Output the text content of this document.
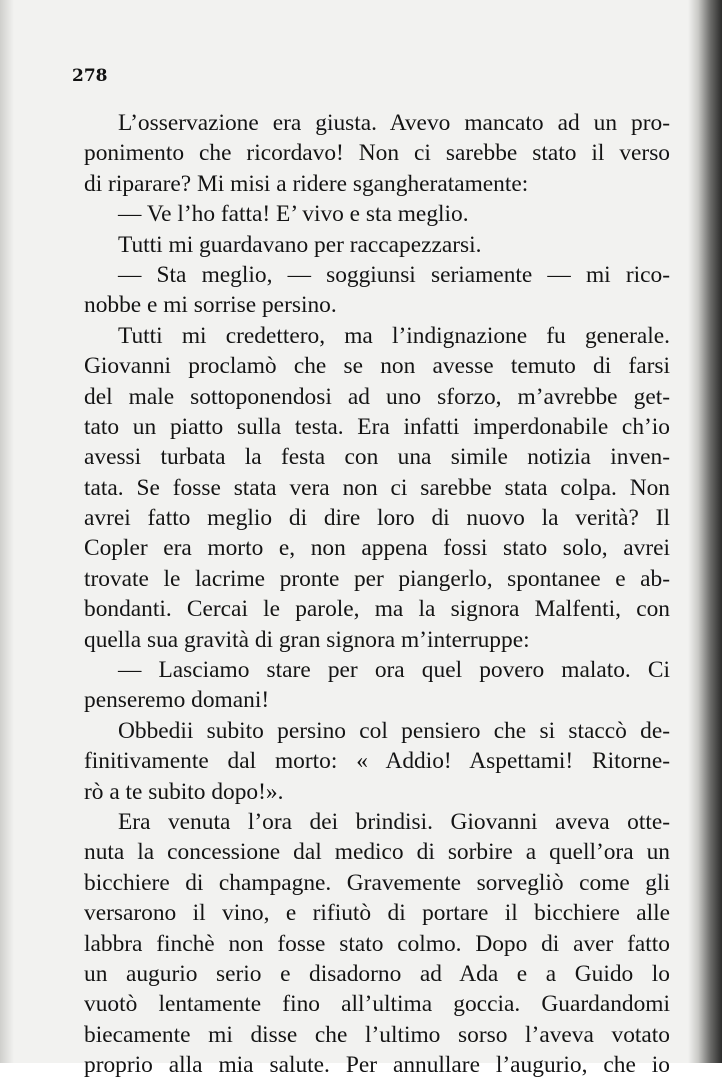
278

L’osservazione era giusta. Avevo mancato ad un pro-
ponimento che ricordavo! Non ci sarebbe stato il verso
di riparare? Mi misi a ridere sgangheratamente:
— Ve l’ho fatta! E’ vivo e sta meglio.
Tutti mi guardavano per raccapezzarsi.
— Sta meglio, — soggiunsi seriamente — mi rico-
nobbe e mi sorrise persino.
Tutti mi credettero, ma l’indignazione fu generale.
Giovanni proclamò che se non avesse temuto di farsi
del male sottoponendosi ad uno sforzo, m’avrebbe get-
tato un piatto sulla testa. Era infatti imperdonabile ch’io
avessi turbata la festa con una simile notizia inven-
tata. Se fosse stata vera non ci sarebbe stata colpa. Non
avrei fatto meglio di dire loro di nuovo la verità? Il
Copler era morto e, non appena fossi stato solo, avrei
trovate le lacrime pronte per piangerlo, spontanee e ab-
bondanti. Cercai le parole, ma la signora Malfenti, con
quella sua gravità di gran signora m’interruppe:
— Lasciamo stare per ora quel povero malato. Ci
penseremo domani!
Obbedii subito persino col pensiero che si staccò de-
finitivamente dal morto: « Addio! Aspettami! Ritorne-
rò a te subito dopo!».
Era venuta l’ora dei brindisi. Giovanni aveva otte-
nuta la concessione dal medico di sorbire a quell’ora un
bicchiere di champagne. Gravemente sorvegliò come gli
versarono il vino, e rifiutò di portare il bicchiere alle
labbra finchè non fosse stato colmo. Dopo di aver fatto
un augurio serio e disadorno ad Ada e a Guido lo
vuotò lentamente fino all’ultima goccia. Guardandomi
biecamente mi disse che l’ultimo sorso l’aveva votato
proprio alla mia salute. Per annullare l’augurio, che io
